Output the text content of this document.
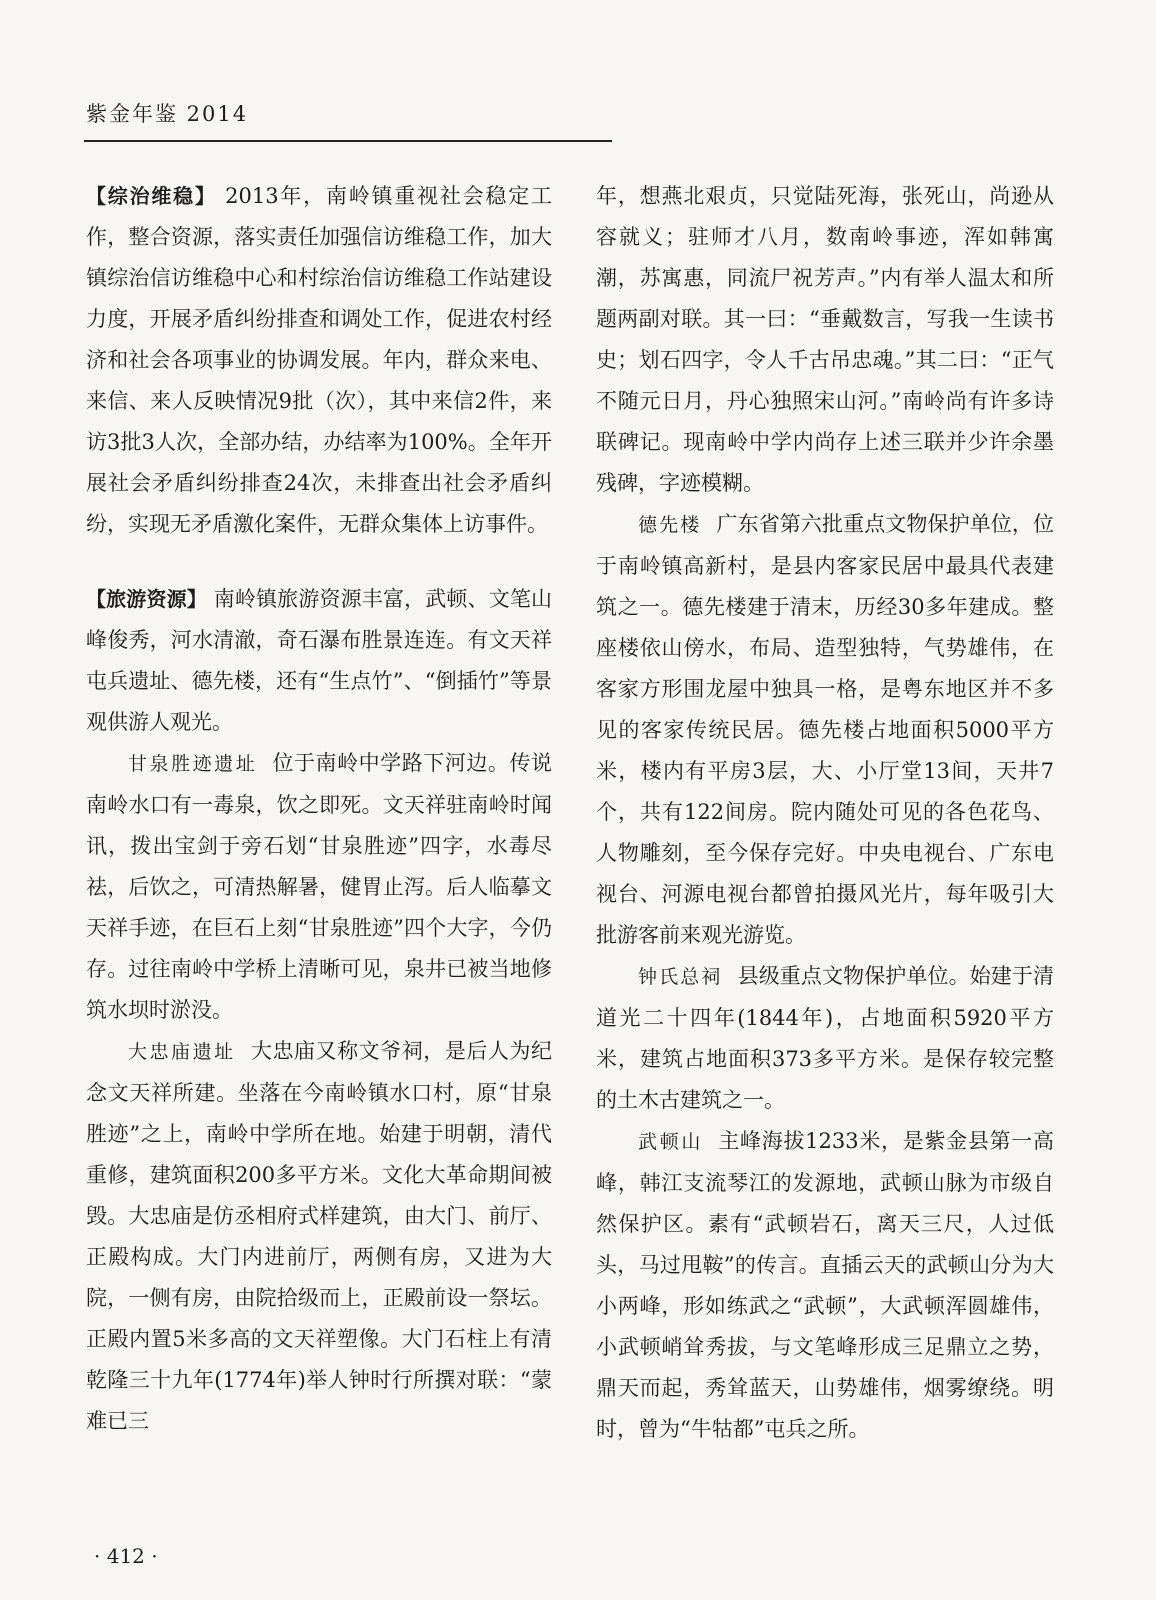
紫金年鉴 2014

【综治维稳】 2013年，南岭镇重视社会稳定工作，整合资源，落实责任加强信访维稳工作，加大镇综治信访维稳中心和村综治信访维稳工作站建设力度，开展矛盾纠纷排查和调处工作，促进农村经济和社会各项事业的协调发展。年内，群众来电、来信、来人反映情况9批（次），其中来信2件，来访3批3人次，全部办结，办结率为100%。全年开展社会矛盾纠纷排查24次，未排查出社会矛盾纠纷，实现无矛盾激化案件，无群众集体上访事件。

【旅游资源】 南岭镇旅游资源丰富，武顿、文笔山峰俊秀，河水清澈，奇石瀑布胜景连连。有文天祥屯兵遗址、德先楼，还有“生点竹”、“倒插竹”等景观供游人观光。

甘泉胜迹遗址 位于南岭中学路下河边。传说南岭水口有一毒泉，饮之即死。文天祥驻南岭时闻讯，拨出宝剑于旁石划“甘泉胜迹”四字，水毒尽祛，后饮之，可清热解暑，健胃止泻。后人临摹文天祥手迹，在巨石上刻“甘泉胜迹”四个大字，今仍存。过往南岭中学桥上清晰可见，泉井已被当地修筑水坝时淤没。

大忠庙遗址 大忠庙又称文爷祠，是后人为纪念文天祥所建。坐落在今南岭镇水口村，原“甘泉胜迹”之上，南岭中学所在地。始建于明朝，清代重修，建筑面积200多平方米。文化大革命期间被毁。大忠庙是仿丞相府式样建筑，由大门、前厅、正殿构成。大门内进前厅，两侧有房，又进为大院，一侧有房，由院拾级而上，正殿前设一祭坛。正殿内置5米多高的文天祥塑像。大门石柱上有清乾隆三十九年(1774年)举人钟时行所撰对联：“蒙难已三

年，想燕北艰贞，只觉陆死海，张死山，尚逊从容就义；驻师才八月，数南岭事迹，浑如韩寓潮，苏寓惠，同流尸祝芳声。”内有举人温太和所题两副对联。其一曰：“垂戴数言，写我一生读书史；划石四字，令人千古吊忠魂。”其二曰：“正气不随元日月，丹心独照宋山河。”南岭尚有许多诗联碑记。现南岭中学内尚存上述三联并少许余墨残碑，字迹模糊。

德先楼 广东省第六批重点文物保护单位，位于南岭镇高新村，是县内客家民居中最具代表建筑之一。德先楼建于清末，历经30多年建成。整座楼依山傍水，布局、造型独特，气势雄伟，在客家方形围龙屋中独具一格，是粤东地区并不多见的客家传统民居。德先楼占地面积5000平方米，楼内有平房3层，大、小厅堂13间，天井7个，共有122间房。院内随处可见的各色花鸟、人物雕刻，至今保存完好。中央电视台、广东电视台、河源电视台都曾拍摄风光片，每年吸引大批游客前来观光游览。

钟氏总祠 县级重点文物保护单位。始建于清道光二十四年(1844年)，占地面积5920平方米，建筑占地面积373多平方米。是保存较完整的土木古建筑之一。

武顿山 主峰海拔1233米，是紫金县第一高峰，韩江支流琴江的发源地，武顿山脉为市级自然保护区。素有“武顿岩石，离天三尺，人过低头，马过甩鞍”的传言。直插云天的武顿山分为大小两峰，形如练武之“武顿”，大武顿浑圆雄伟，小武顿峭耸秀拔，与文笔峰形成三足鼎立之势，鼎天而起，秀耸蓝天，山势雄伟，烟雾缭绕。明时，曾为“牛牯都”屯兵之所。

· 412 ·
